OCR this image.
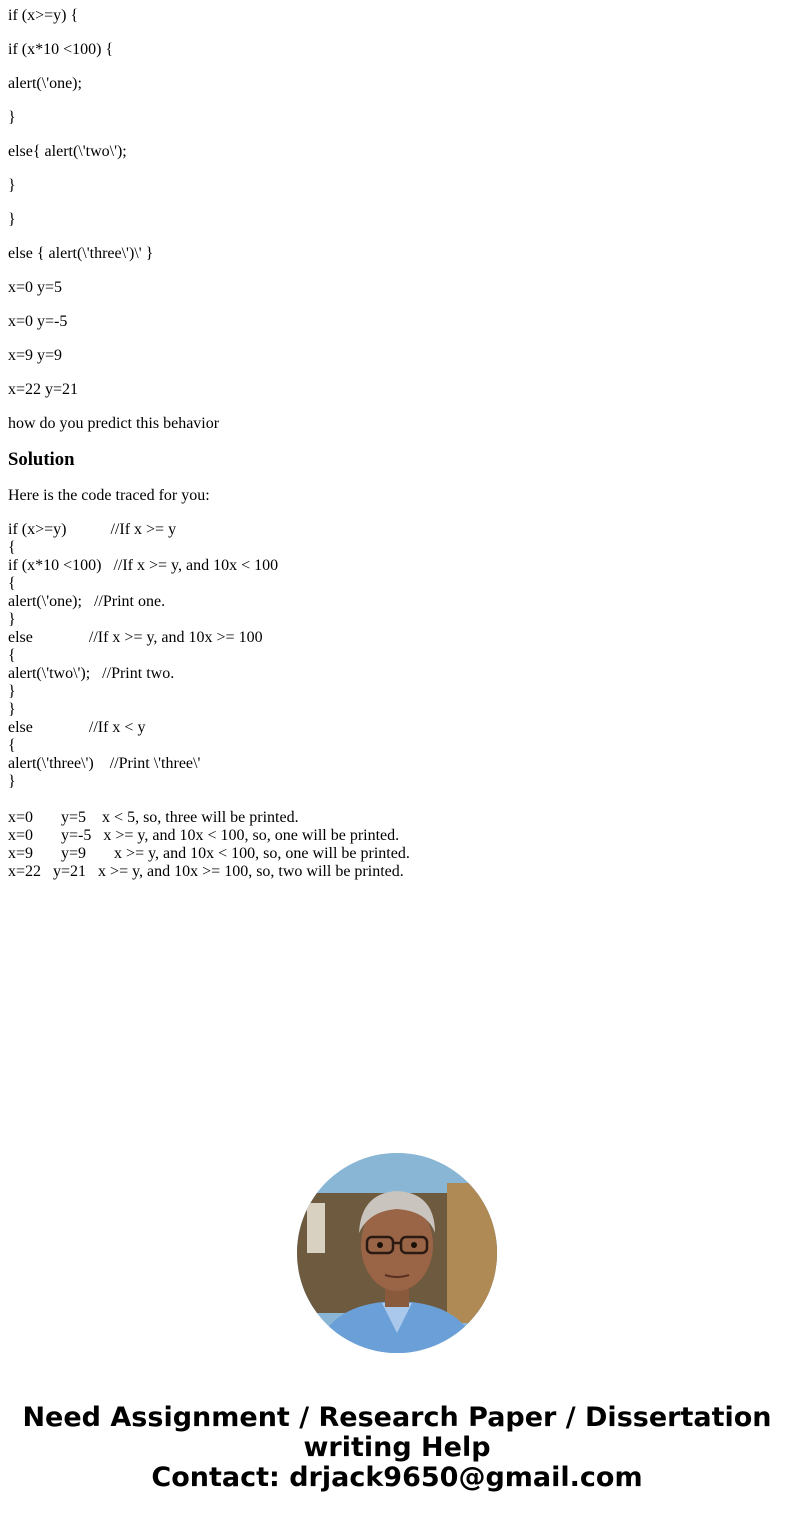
if (x>=y) {

if (x*10 <100) {

alert(\'one);

}

else{ alert(\'two\');

}

}

else { alert(\'three\')\' }

x=0 y=5

x=0 y=-5

x=9 y=9

x=22 y=21

how do you predict this behavior

Solution

Here is the code traced for you:

if (x>=y)           //If x >= y
{
if (x*10 <100)   //If x >= y, and 10x < 100
{
alert(\'one);   //Print one.
}
else              //If x >= y, and 10x >= 100
{
alert(\'two\');   //Print two.
}
}
else              //If x < y
{
alert(\'three\')    //Print \'three\'
}
x=0       y=5    x < 5, so, three will be printed.
x=0       y=-5   x >= y, and 10x < 100, so, one will be printed.
x=9       y=9       x >= y, and 10x < 100, so, one will be printed.
x=22   y=21   x >= y, and 10x >= 100, so, two will be printed.
Need Assignment / Research Paper / Dissertation
writing Help
Contact: drjack9650@gmail.com
